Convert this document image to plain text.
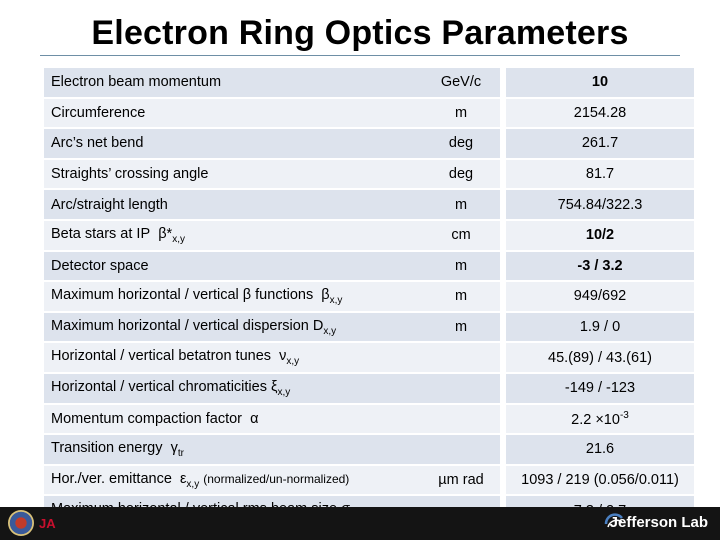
Electron Ring Optics Parameters
Electron beam momentum	GeV/c		10
Circumference	m		2154.28
Arc’s net bend	deg		261.7
Straights’ crossing angle	deg		81.7
Arc/straight length	m		754.84/322.3
Beta stars at IP $\beta*_{x,y}$	cm		10/2
Detector space	m		-3 / 3.2
Maximum horizontal / vertical β functions $\beta_{x,y}$	m		949/692
Maximum horizontal / vertical dispersion $D_{x,y}$	m		1.9 / 0
Horizontal / vertical betatron tunes $\nu_{x,y}$			45.(89) / 43.(61)
Horizontal / vertical chromaticities $\xi_{x,y}$			-149 / -123
Momentum compaction factor α			$2.2 \times 10^{-3}$
Transition energy $\gamma_{tr}$			21.6
Hor./ver. emittance $\varepsilon_{x,y}$ (normalized/un-normalized)	µm rad		1093 / 219 (0.056/0.011)

JA	Jefferson Lab
